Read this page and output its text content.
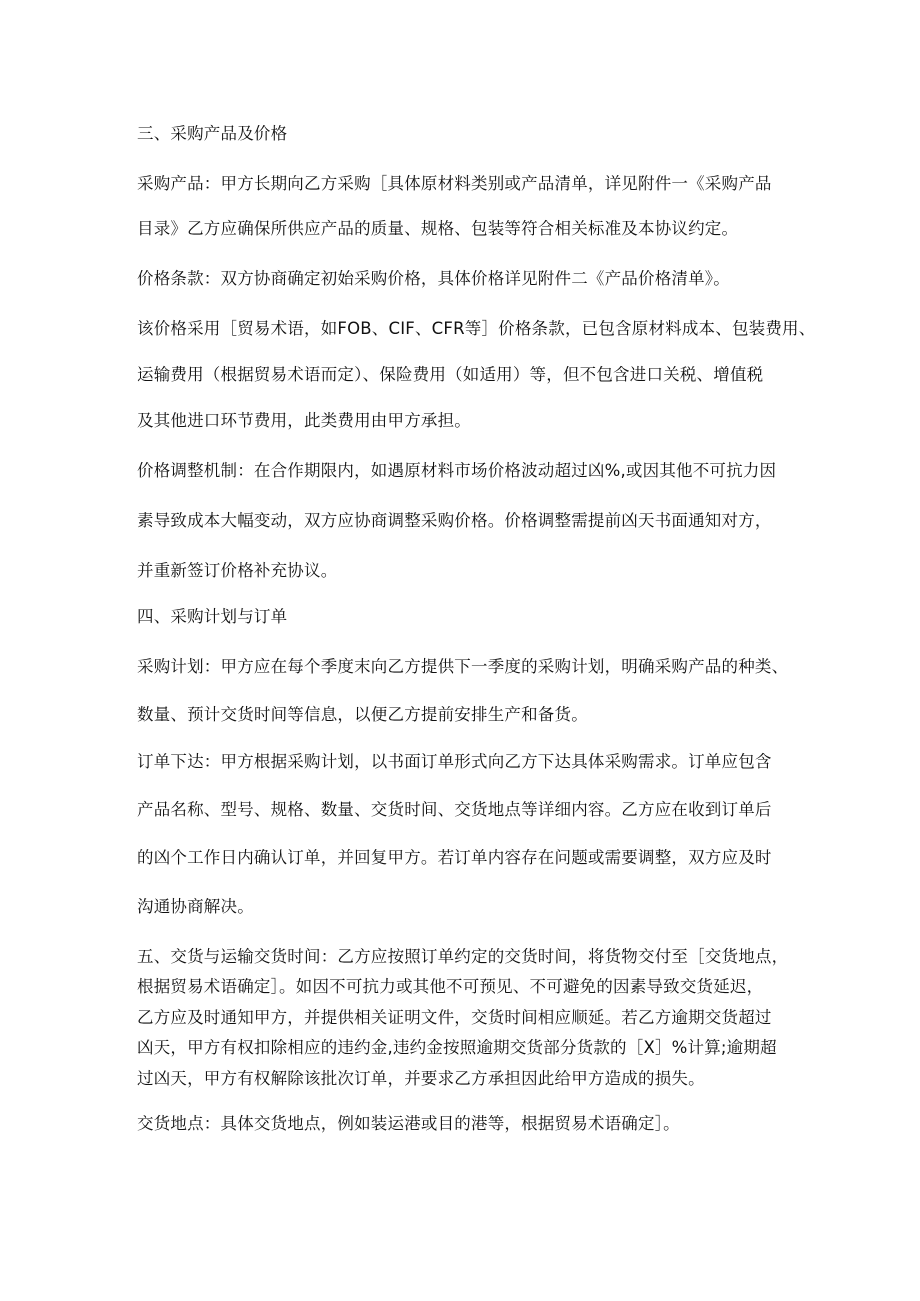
三、采购产品及价格
采购产品：甲方长期向乙方采购［具体原材料类别或产品清单，详见附件一《采购产品
目录》乙方应确保所供应产品的质量、规格、包装等符合相关标准及本协议约定。
价格条款：双方协商确定初始采购价格，具体价格详见附件二《产品价格清单》。
该价格采用［贸易术语，如FOB、CIF、CFR等］价格条款，已包含原材料成本、包装费用、
运输费用（根据贸易术语而定）、保险费用（如适用）等，但不包含进口关税、增值税
及其他进口环节费用，此类费用由甲方承担。
价格调整机制：在合作期限内，如遇原材料市场价格波动超过凶%,或因其他不可抗力因
素导致成本大幅变动，双方应协商调整采购价格。价格调整需提前凶天书面通知对方，
并重新签订价格补充协议。
四、采购计划与订单
采购计划：甲方应在每个季度末向乙方提供下一季度的采购计划，明确采购产品的种类、
数量、预计交货时间等信息，以便乙方提前安排生产和备货。
订单下达：甲方根据采购计划，以书面订单形式向乙方下达具体采购需求。订单应包含
产品名称、型号、规格、数量、交货时间、交货地点等详细内容。乙方应在收到订单后
的凶个工作日内确认订单，并回复甲方。若订单内容存在问题或需要调整，双方应及时
沟通协商解决。
五、交货与运输交货时间：乙方应按照订单约定的交货时间，将货物交付至［交货地点，
根据贸易术语确定］。如因不可抗力或其他不可预见、不可避免的因素导致交货延迟，
乙方应及时通知甲方，并提供相关证明文件，交货时间相应顺延。若乙方逾期交货超过
凶天，甲方有权扣除相应的违约金,违约金按照逾期交货部分货款的［X］%计算;逾期超
过凶天，甲方有权解除该批次订单，并要求乙方承担因此给甲方造成的损失。
交货地点：具体交货地点，例如装运港或目的港等，根据贸易术语确定］。
